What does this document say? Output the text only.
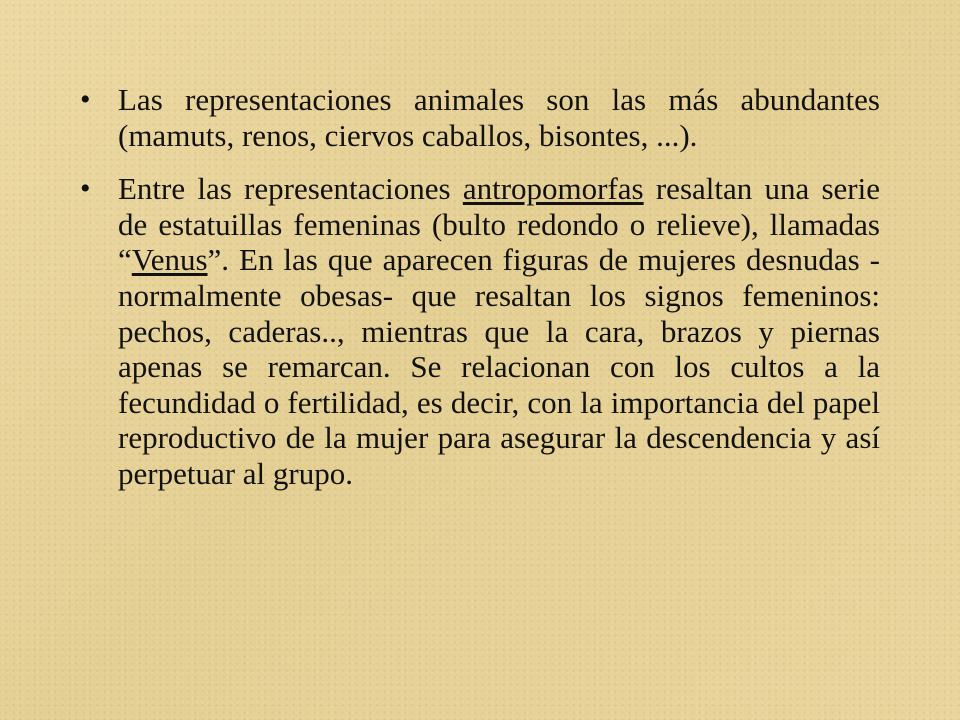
• Las representaciones animales son las más abundantes (mamuts, renos, ciervos caballos, bisontes, ...).
• Entre las representaciones antropomorfas resaltan una serie de estatuillas femeninas (bulto redondo o relieve), llamadas “Venus”. En las que aparecen figuras de mujeres desnudas - normalmente obesas- que resaltan los signos femeninos: pechos, caderas.., mientras que la cara, brazos y piernas apenas se remarcan. Se relacionan con los cultos a la fecundidad o fertilidad, es decir, con la importancia del papel reproductivo de la mujer para asegurar la descendencia y así perpetuar al grupo.
